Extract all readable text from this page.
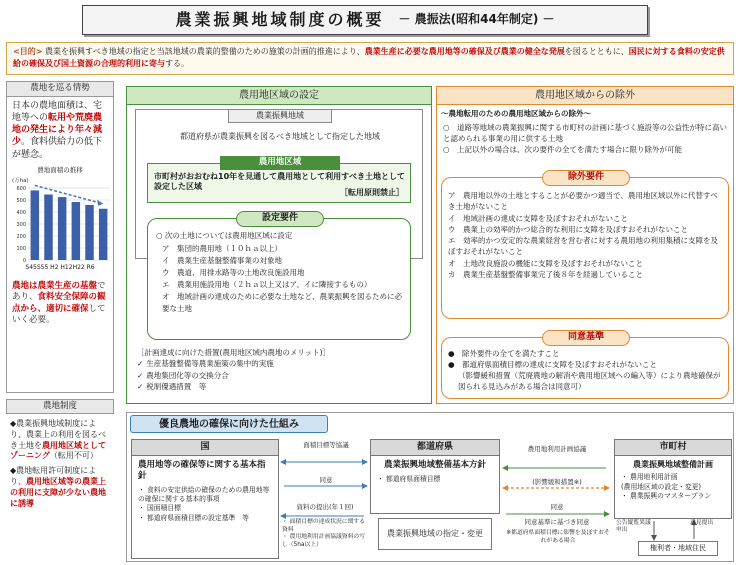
農業振興地域制度の概要 － 農振法(昭和44年制定) －
<目的> 農業を振興すべき地域の指定と当該地域の農業的整備のための施策の計画的推進により、農業生産に必要な農用地等の確保及び農業の健全な発展を図るとともに、国民に対する食料の安定供給の確保及び国土資源の合理的利用に寄与する。
農地を巡る情勢
日本の農地面積は、宅地等への転用や荒廃農地の発生により年々減少。食料供給力の低下が懸念。
農地面積の推移
(万ha)
600
500
400
300
200
100
0
S45S55 H2 H12H22 R6
農地は農業生産の基盤であり、食料安全保障の観点から、適切に確保していく必要。
農地制度
◆農業振興地域制度により、農業上の利用を図るべき土地を農用地区域としてゾーニング（転用不可）
◆農地転用許可制度により、農用地区域等の農業上の利用に支障が少ない農地に誘導
農用地区域の設定
農業振興地域
都道府県が農業振興を図るべき地域として指定した地域
農用地区域
市町村がおおむね10年を見通して農用地として利用すべき土地として設定した区域
［転用原則禁止］
設定要件
○ 次の土地については農用地区域に設定
ア　集団的農用地（１０ｈａ以上）
イ　農業生産基盤整備事業の対象地
ウ　農道、用排水路等の土地改良施設用地
エ　農業用施設用地（２ｈａ以上又はア、イに隣接するもの）
オ　地域計画の達成のために必要な土地など、農業振興を図るために必要な土地
［計画達成に向けた措置(農用地区域内農地のメリット)］
✓ 生産基盤整備等農業施策の集中的実施
✓ 農地集団化等の交換分合
✓ 税制優遇措置　等
農用地区域からの除外
～農地転用のための農用地区域からの除外～
○　道路等地域の農業振興に関する市町村の計画に基づく施設等の公益性が特に高いと認められる事業の用に供する土地
○　上記以外の場合は、次の要件の全てを満たす場合に限り除外が可能
除外要件
ア　農用地以外の土地とすることが必要かつ適当で、農用地区域以外に代替すべき土地がないこと
イ　地域計画の達成に支障を及ぼすおそれがないこと
ウ　農業上の効率的かつ総合的な利用に支障を及ぼすおそれがないこと
エ　効率的かつ安定的な農業経営を営む者に対する農用地の利用集積に支障を及ぼすおそれがないこと
オ　土地改良施設の機能に支障を及ぼすおそれがないこと
カ　農業生産基盤整備事業完了後８年を経過していること
同意基準
●　除外要件の全てを満たすこと
●　都道府県面積目標の達成に支障を及ぼすおそれがないこと
（影響緩和措置（荒廃農地の解消や農用地区域への編入等）により農地確保が図られる見込みがある場合は同意可）
優良農地の確保に向けた仕組み
国
農用地等の確保等に関する基本指針
・ 食料の安定供給の確保のための農用地等の確保に関する基本的事項
・ 国面積目標
・ 都道府県面積目標の設定基準　等
面積目標等協議
同意
資料の提出(年１回)
・ 面積目標の達成状況に関する資料
・ 農用地利用計画協議資料の写し（5ha以上）
都道府県
農業振興地域整備基本方針
・ 都道府県面積目標
農業振興地域の指定・変更
農用地利用計画協議
(影響緩和措置※)
同意
同意基準に基づき同意
※都道府県面積目標に影響を及ぼすおそれがある場合
市町村
農業振興地域整備計画
・ 農用地利用計画
(農用地区域の設定・変更)
・ 農業振興のマスタープラン
公告縦覧異議申出
意見提出
権利者・地域住民
